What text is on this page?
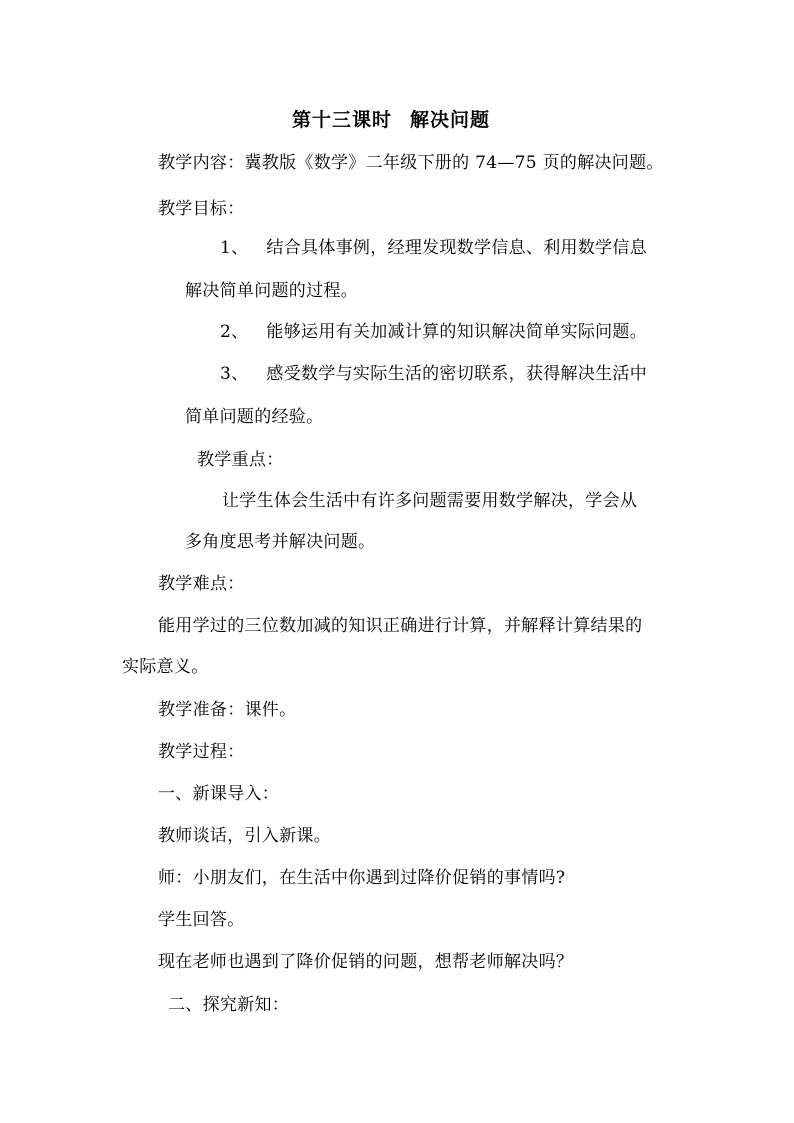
第十三课时 解决问题
教学内容：冀教版《数学》二年级下册的 74—75 页的解决问题。
教学目标：
1、 结合具体事例，经理发现数学信息、利用数学信息
解决简单问题的过程。
2、 能够运用有关加减计算的知识解决简单实际问题。
3、 感受数学与实际生活的密切联系，获得解决生活中
简单问题的经验。
教学重点：
让学生体会生活中有许多问题需要用数学解决，学会从
多角度思考并解决问题。
教学难点：
能用学过的三位数加减的知识正确进行计算，并解释计算结果的
实际意义。
教学准备：课件。
教学过程：
一、新课导入：
教师谈话，引入新课。
师：小朋友们，在生活中你遇到过降价促销的事情吗?
学生回答。
现在老师也遇到了降价促销的问题，想帮老师解决吗？
二、探究新知：
